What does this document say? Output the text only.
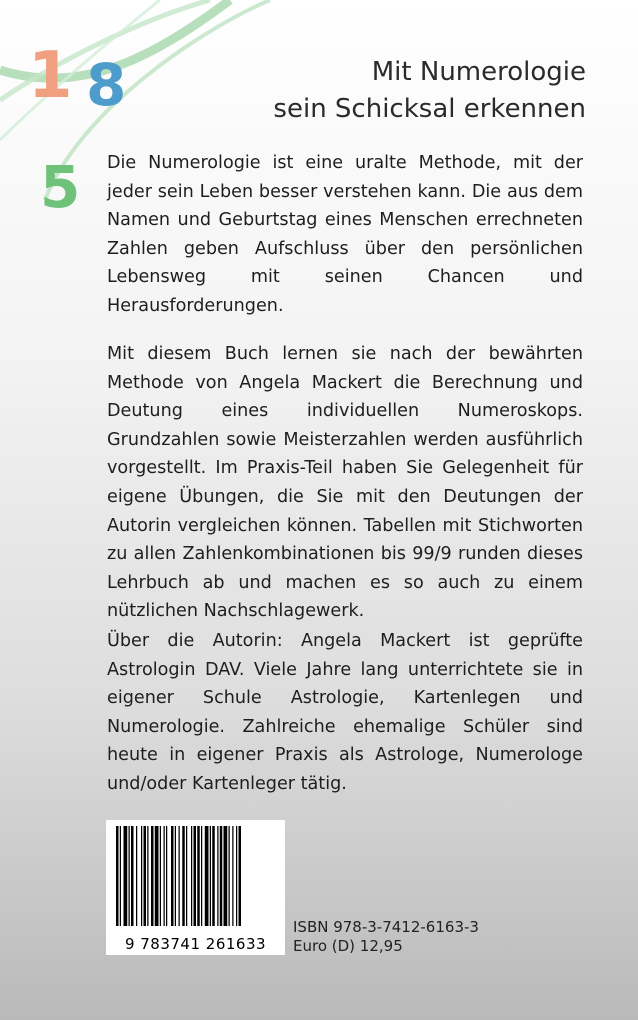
1 8
5
Mit Numerologie
sein Schicksal erkennen

Die Numerologie ist eine uralte Methode, mit der jeder sein Leben besser verstehen kann. Die aus dem Namen und Geburtstag eines Menschen errechneten Zahlen geben Aufschluss über den persönlichen Lebensweg mit seinen Chancen und Herausforderungen.

Mit diesem Buch lernen sie nach der bewährten Methode von Angela Mackert die Berechnung und Deutung eines individuellen Numeroskops. Grundzahlen sowie Meisterzahlen werden ausführlich vorgestellt. Im Praxis-Teil haben Sie Gelegenheit für eigene Übungen, die Sie mit den Deutungen der Autorin vergleichen können. Tabellen mit Stichworten zu allen Zahlenkombinationen bis 99/9 runden dieses Lehrbuch ab und machen es so auch zu einem nützlichen Nachschlagewerk.

Über die Autorin: Angela Mackert ist geprüfte Astrologin DAV. Viele Jahre lang unterrichtete sie in eigener Schule Astrologie, Kartenlegen und Numerologie. Zahlreiche ehemalige Schüler sind heute in eigener Praxis als Astrologe, Numerologe und/oder Kartenleger tätig.

9 783741 261633
ISBN 978-3-7412-6163-3
Euro (D) 12,95
